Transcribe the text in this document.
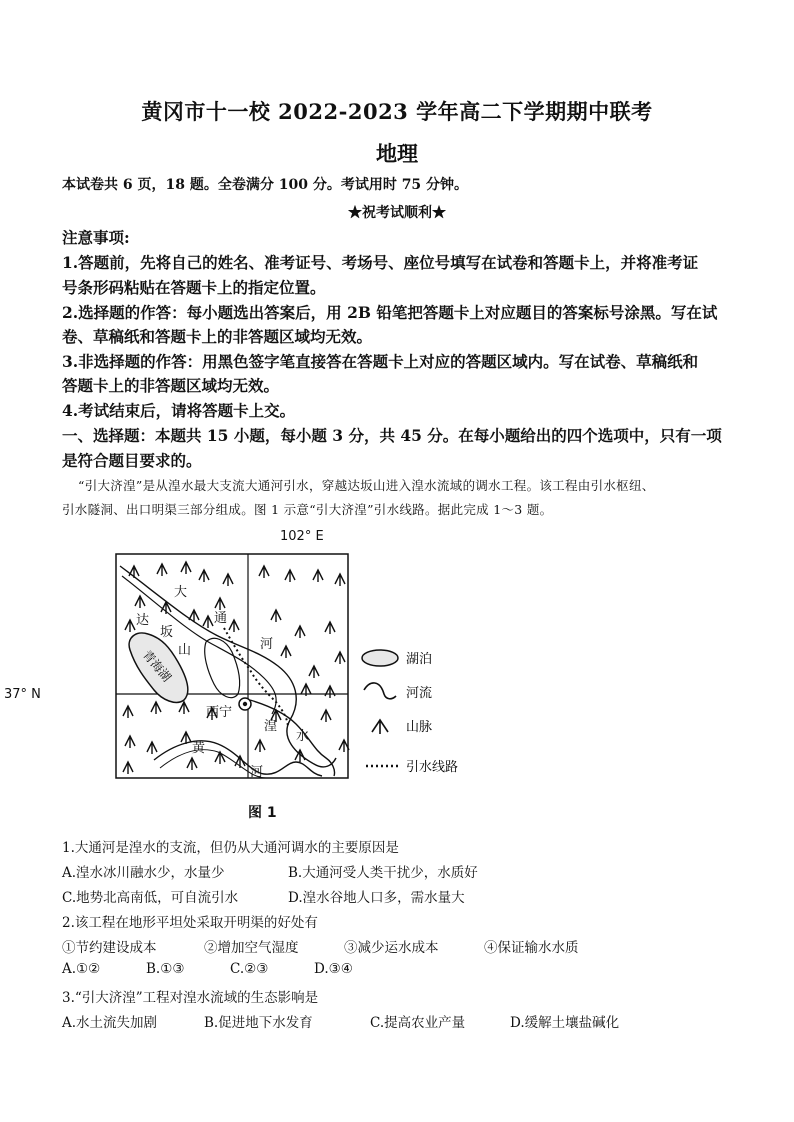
黄冈市十一校 2022-2023 学年高二下学期期中联考
地理
本试卷共 6 页，18 题。全卷满分 100 分。考试用时 75 分钟。
★祝考试顺利★
注意事项:
1.答题前，先将自己的姓名、准考证号、考场号、座位号填写在试卷和答题卡上，并将准考证
号条形码粘贴在答题卡上的指定位置。
2.选择题的作答：每小题选出答案后，用 2B 铅笔把答题卡上对应题目的答案标号涂黑。写在试
卷、草稿纸和答题卡上的非答题区域均无效。
3.非选择题的作答：用黑色签字笔直接答在答题卡上对应的答题区域内。写在试卷、草稿纸和
答题卡上的非答题区域均无效。
4.考试结束后，请将答题卡上交。
一、选择题：本题共 15 小题，每小题 3 分，共 45 分。在每小题给出的四个选项中，只有一项
是符合题目要求的。
“引大济湟”是从湟水最大支流大通河引水，穿越达坂山进入湟水流域的调水工程。该工程由引水枢纽、
引水隧洞、出口明渠三部分组成。图 1 示意“引大济湟”引水线路。据此完成 1～3 题。
102° E
37° N
大
通
河
达
坂
山
青海湖
西宁
湟
水
黄
河
图 1
湖泊
河流
山脉
引水线路
1.大通河是湟水的支流，但仍从大通河调水的主要原因是
A.湟水冰川融水少，水量少	B.大通河受人类干扰少，水质好
C.地势北高南低，可自流引水	D.湟水谷地人口多，需水量大
2.该工程在地形平坦处采取开明渠的好处有
①节约建设成本	②增加空气湿度	③减少运水成本	④保证输水水质
A.①②	B.①③	C.②③	D.③④
3.“引大济湟”工程对湟水流域的生态影响是
A.水土流失加剧	B.促进地下水发育	C.提高农业产量	D.缓解土壤盐碱化
